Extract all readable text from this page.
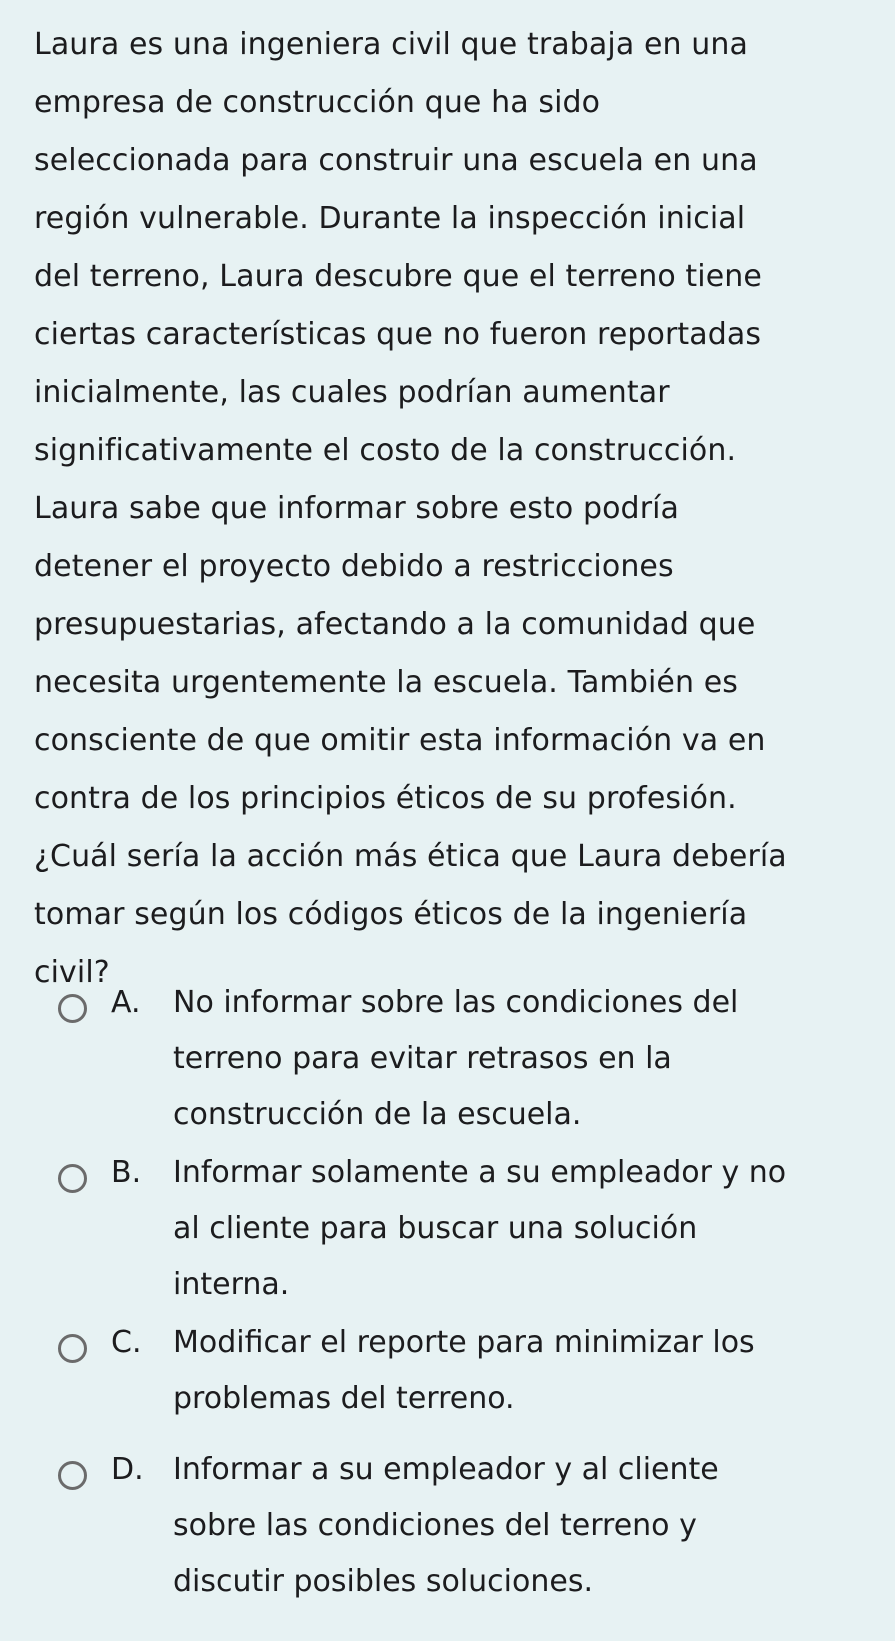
Laura es una ingeniera civil que trabaja en una
empresa de construcción que ha sido
seleccionada para construir una escuela en una
región vulnerable. Durante la inspección inicial
del terreno, Laura descubre que el terreno tiene
ciertas características que no fueron reportadas
inicialmente, las cuales podrían aumentar
significativamente el costo de la construcción.
Laura sabe que informar sobre esto podría
detener el proyecto debido a restricciones
presupuestarias, afectando a la comunidad que
necesita urgentemente la escuela. También es
consciente de que omitir esta información va en
contra de los principios éticos de su profesión.
¿Cuál sería la acción más ética que Laura debería
tomar según los códigos éticos de la ingeniería
civil?
A. No informar sobre las condiciones del
terreno para evitar retrasos en la
construcción de la escuela.
B. Informar solamente a su empleador y no
al cliente para buscar una solución
interna.
C. Modificar el reporte para minimizar los
problemas del terreno.
D. Informar a su empleador y al cliente
sobre las condiciones del terreno y
discutir posibles soluciones.
